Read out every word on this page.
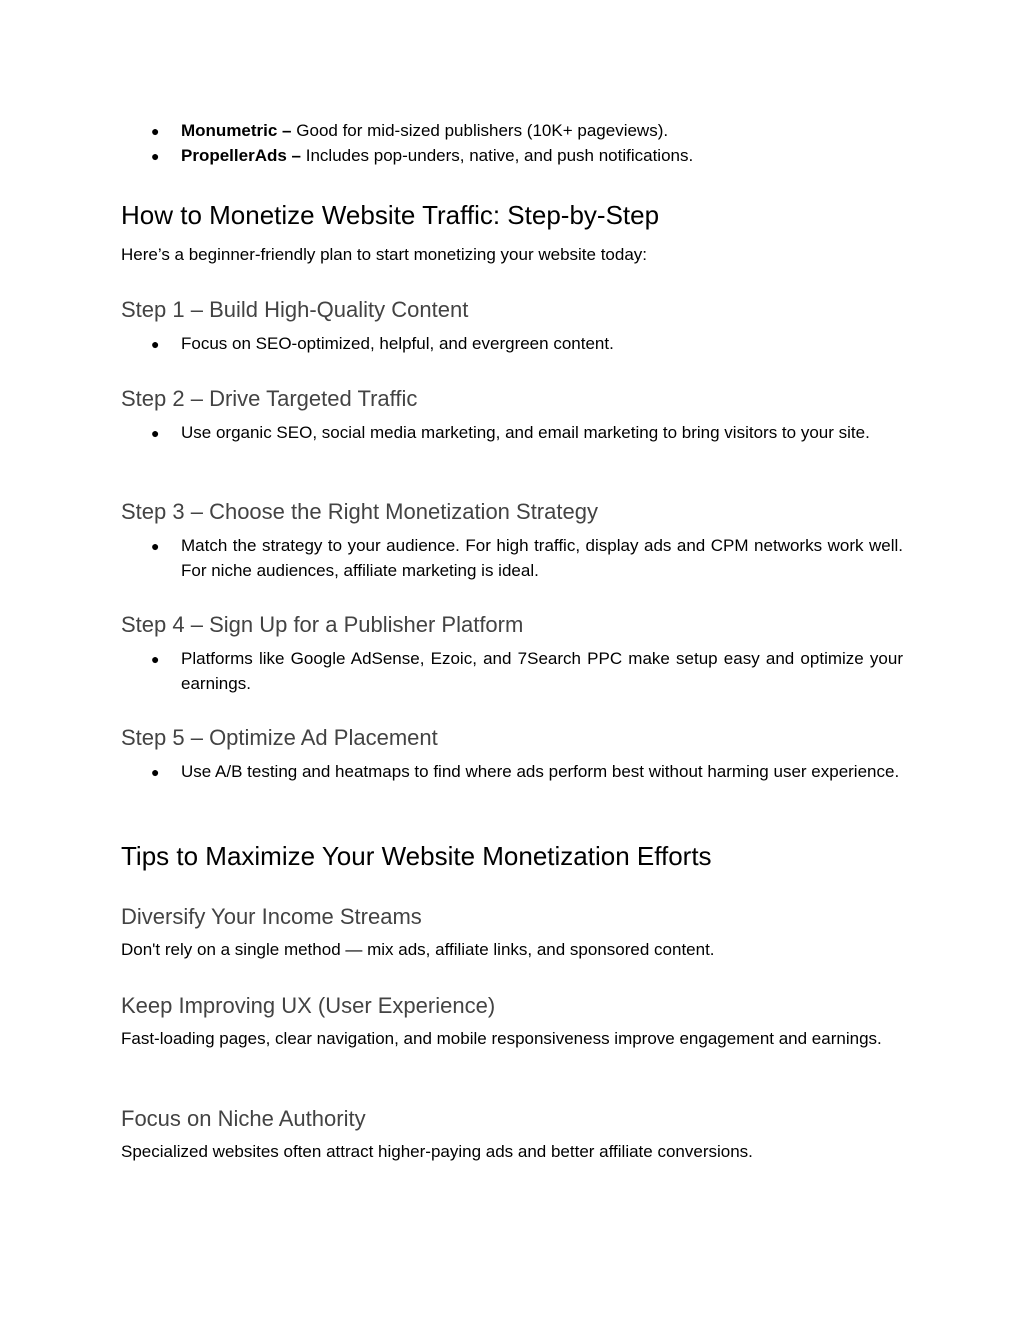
● Monumetric – Good for mid-sized publishers (10K+ pageviews).
● PropellerAds – Includes pop-unders, native, and push notifications.
How to Monetize Website Traffic: Step-by-Step

Here’s a beginner-friendly plan to start monetizing your website today:

Step 1 – Build High-Quality Content
● Focus on SEO-optimized, helpful, and evergreen content.
Step 2 – Drive Targeted Traffic
● Use organic SEO, social media marketing, and email marketing to bring visitors to your site.
Step 3 – Choose the Right Monetization Strategy
● Match the strategy to your audience. For high traffic, display ads and CPM networks work well. For niche audiences, affiliate marketing is ideal.
Step 4 – Sign Up for a Publisher Platform
● Platforms like Google AdSense, Ezoic, and 7Search PPC make setup easy and optimize your earnings.
Step 5 – Optimize Ad Placement
● Use A/B testing and heatmaps to find where ads perform best without harming user experience.
Tips to Maximize Your Website Monetization Efforts
Diversify Your Income Streams

Don't rely on a single method — mix ads, affiliate links, and sponsored content.

Keep Improving UX (User Experience)

Fast-loading pages, clear navigation, and mobile responsiveness improve engagement and earnings.

Focus on Niche Authority

Specialized websites often attract higher-paying ads and better affiliate conversions.
